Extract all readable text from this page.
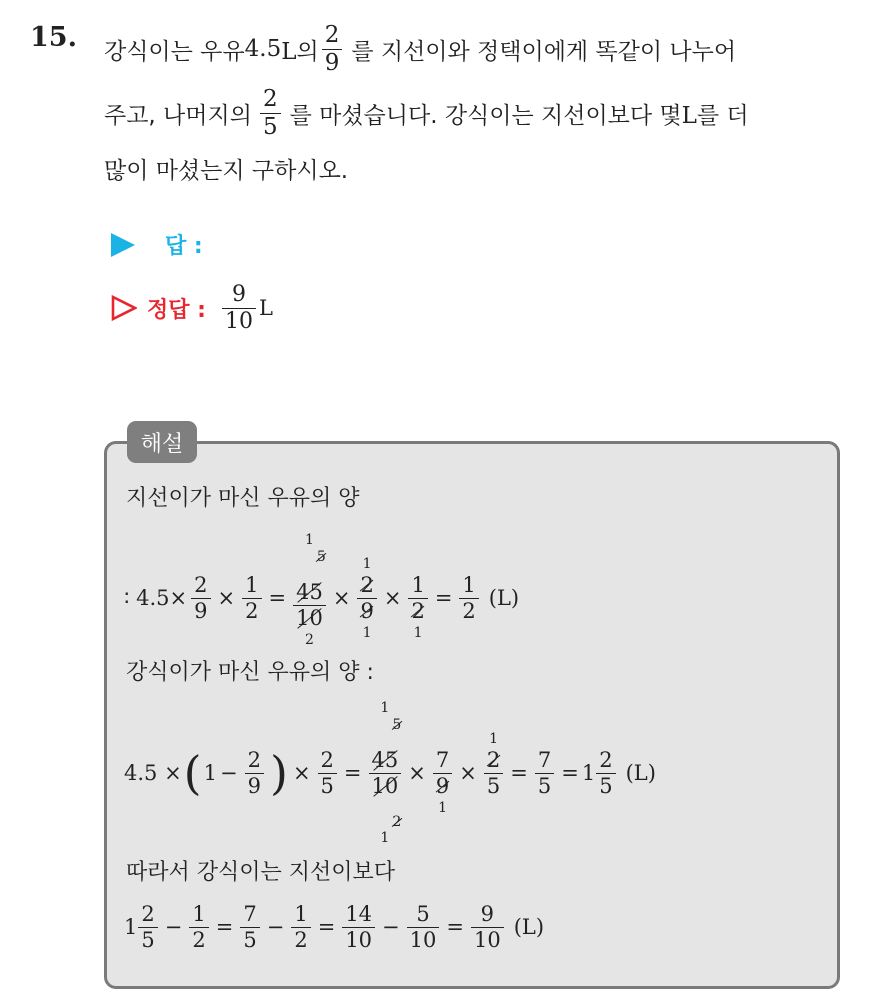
15. 강식이는 우유 4.5 L의 $\frac{2}{9}$ 를 지선이와 정택이에게 똑같이 나누어
주고, 나머지의 $\frac{2}{5}$ 를 마셨습니다. 강식이는 지선이보다 몇 L를 더
많이 마셨는지 구하시오.
답 :
정답 : $\frac{9}{10}$ L
해설
지선이가 마신 우유의 양
∶ $4.5\times \frac{2}{9} \times \frac{1}{2}$ =
1
5
45
10
2
×
1
2
9
1
×
1
2
1
= $\frac{1}{2} (L)$
강식이가 마신 우유의 양 :
4.5 × ( $1 - \frac{2}{9}$ ) × $\frac{2}{5}$ =
1
5
45
10
2
1
×
7
9
1
×
1
2
5
= $\frac{7}{5} = 1 \frac{2}{5} (L)$
따라서 강식이는 지선이보다
$1 \frac{2}{5} - \frac{1}{2} = \frac{7}{5} - \frac{1}{2} = \frac{14}{10} - \frac{5}{10} = \frac{9}{10} (L)$
